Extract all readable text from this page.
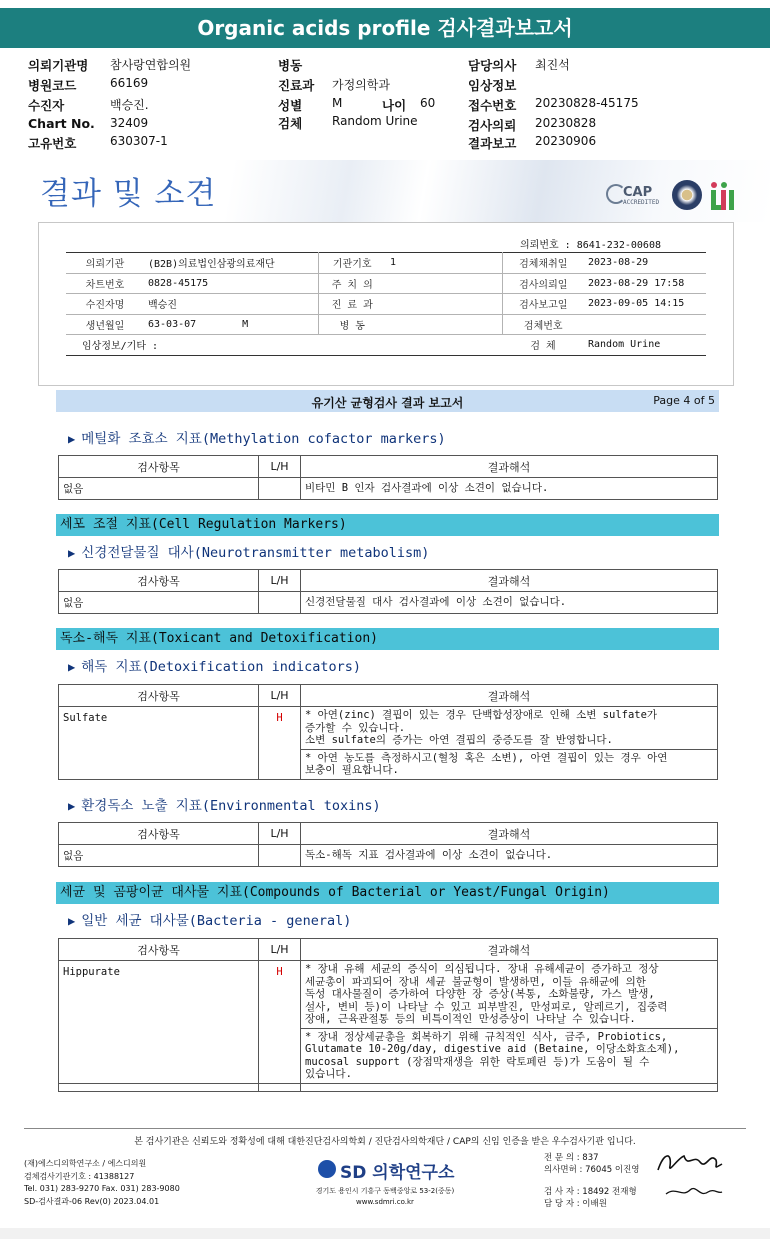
Organic acids profile 검사결과보고서
의뢰기관명 참사랑연합의원
병원코드	66169
수진자	백승진.
Chart No. 32409
고유번호	630307-1
병동
진료과 가정의학과
성별 M	나이 60
검체 Random Urine
담당의사 최진석
임상정보
접수번호 20230828-45175
검사의뢰 20230828
결과보고 20230906
결과 및 소견	CAP
ACCREDITED
의뢰번호 : 8641-232-00608
의뢰기관	(B2B)의료법인삼광의료재단	기관기호	1	검체채취일	2023-08-29
차트번호	0828-45175	주 치 의		검사의뢰일	2023-08-29 17:58
수진자명	백승진	진 료 과		검사보고일	2023-09-05 14:15
생년월일	63-03-07 M	병 동		검체번호	
임상정보/기타 :				검 체	Random Urine
유기산 균형검사 결과 보고서	Page 4 of 5
▶ 메틸화 조효소 지표(Methylation cofactor markers)
검사항목	L/H	결과해석
없음		비타민 B 인자 검사결과에 이상 소견이 없습니다.
세포 조절 지표(Cell Regulation Markers)
▶ 신경전달물질 대사(Neurotransmitter metabolism)
검사항목	L/H	결과해석
없음		신경전달물질 대사 검사결과에 이상 소견이 없습니다.
독소-해독 지표(Toxicant and Detoxification)
▶ 해독 지표(Detoxification indicators)
검사항목	L/H	결과해석
Sulfate	H	* 아연(zinc) 결핍이 있는 경우 단백합성장애로 인해 소변 sulfate가
증가할 수 있습니다.
소변 sulfate의 증가는 아연 결핍의 중증도를 잘 반영합니다.

		* 아연 농도를 측정하시고(혈청 혹은 소변), 아연 결핍이 있는 경우 아연
보충이 필요합니다.
▶ 환경독소 노출 지표(Environmental toxins)
검사항목	L/H	결과해석
없음		독소-해독 지표 검사결과에 이상 소견이 없습니다.
세균 및 곰팡이균 대사물 지표(Compounds of Bacterial or Yeast/Fungal Origin)
▶ 일반 세균 대사물(Bacteria - general)
검사항목	L/H	결과해석
Hippurate	H	* 장내 유해 세균의 증식이 의심됩니다. 장내 유해세균이 증가하고 정상
세균총이 파괴되어 장내 세균 불균형이 발생하면, 이들 유해균에 의한
독성 대사물질이 증가하여 다양한 장 증상(복통, 소화불량, 가스 발생,
설사, 변비 등)이 나타날 수 있고 피부발진, 만성피로, 알레르기, 집중력
장애, 근육관절통 등의 비특이적인 만성증상이 나타날 수 있습니다.

		* 장내 정상세균총을 회복하기 위해 규칙적인 식사, 금주, Probiotics,
Glutamate 10-20g/day, digestive aid (Betaine, 이당소화효소제),
mucosal support (장점막재생을 위한 락토페린 등)가 도움이 될 수
있습니다.

본 검사기관은 신뢰도와 정확성에 대해 대한진단검사의학회 / 진단검사의학재단 / CAP의 신임 인증을 받은 우수검사기관 입니다.
(재)에스디의학연구소 / 에스디의원
검체검사기관기호 : 41388127
Tel. 031) 283-9270 Fax. 031) 283-9080
SD-검사결과-06 Rev(0) 2023.04.01
SD 의학연구소
경기도 용인시 기흥구 동백중앙로 53-2(중동)
www.sdmri.co.kr
전 문 의 : 837
의사면허 : 76045 이진영
검 사 자 : 18492 전재형
담 당 자 : 이배원
